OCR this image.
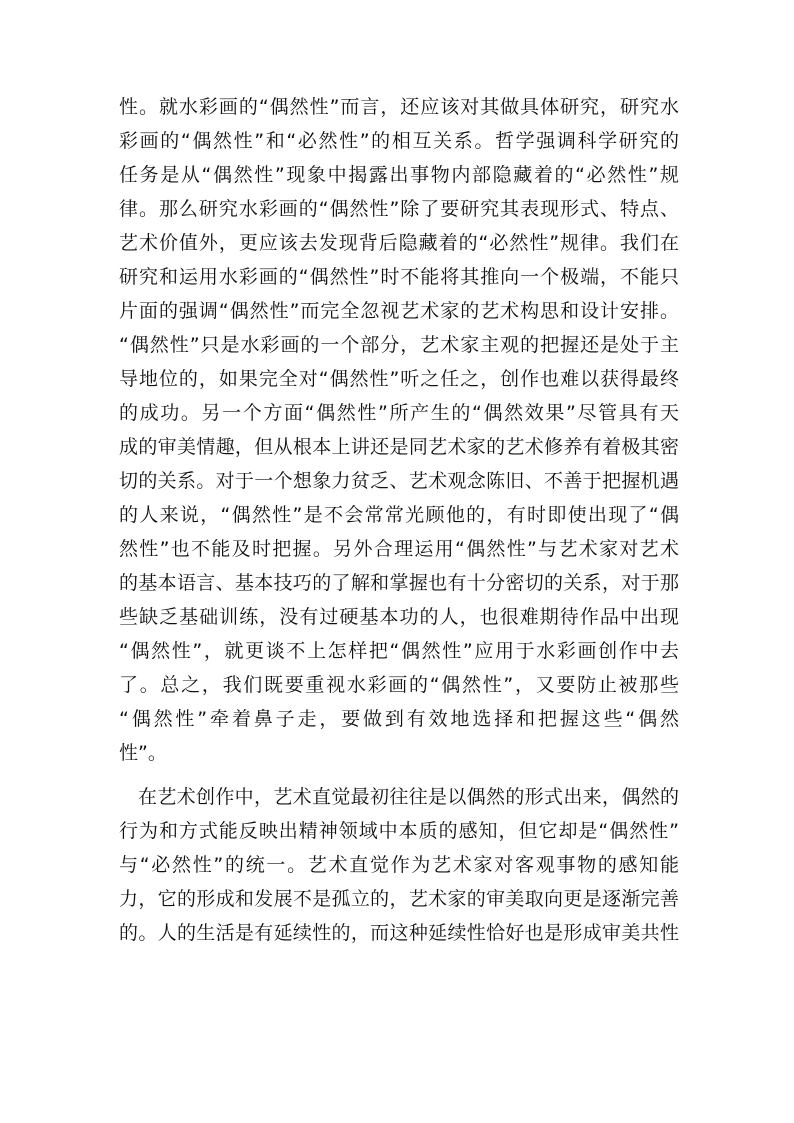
性。就水彩画的“偶然性”而言，还应该对其做具体研究，研究水
彩画的“偶然性”和“必然性”的相互关系。哲学强调科学研究的
任务是从“偶然性”现象中揭露出事物内部隐藏着的“必然性”规
律。那么研究水彩画的“偶然性”除了要研究其表现形式、特点、
艺术价值外，更应该去发现背后隐藏着的“必然性”规律。我们在
研究和运用水彩画的“偶然性”时不能将其推向一个极端，不能只
片面的强调“偶然性”而完全忽视艺术家的艺术构思和设计安排。
“偶然性”只是水彩画的一个部分，艺术家主观的把握还是处于主
导地位的，如果完全对“偶然性”听之任之，创作也难以获得最终
的成功。另一个方面“偶然性”所产生的“偶然效果”尽管具有天
成的审美情趣，但从根本上讲还是同艺术家的艺术修养有着极其密
切的关系。对于一个想象力贫乏、艺术观念陈旧、不善于把握机遇
的人来说，“偶然性”是不会常常光顾他的，有时即使出现了“偶
然性”也不能及时把握。另外合理运用“偶然性”与艺术家对艺术
的基本语言、基本技巧的了解和掌握也有十分密切的关系，对于那
些缺乏基础训练，没有过硬基本功的人，也很难期待作品中出现
“偶然性”，就更谈不上怎样把“偶然性”应用于水彩画创作中去
了。总之，我们既要重视水彩画的“偶然性”，又要防止被那些
“偶然性”牵着鼻子走，要做到有效地选择和把握这些“偶然
性”。
在艺术创作中，艺术直觉最初往往是以偶然的形式出来，偶然的
行为和方式能反映出精神领域中本质的感知，但它却是“偶然性”
与“必然性”的统一。艺术直觉作为艺术家对客观事物的感知能
力，它的形成和发展不是孤立的，艺术家的审美取向更是逐渐完善
的。人的生活是有延续性的，而这种延续性恰好也是形成审美共性
